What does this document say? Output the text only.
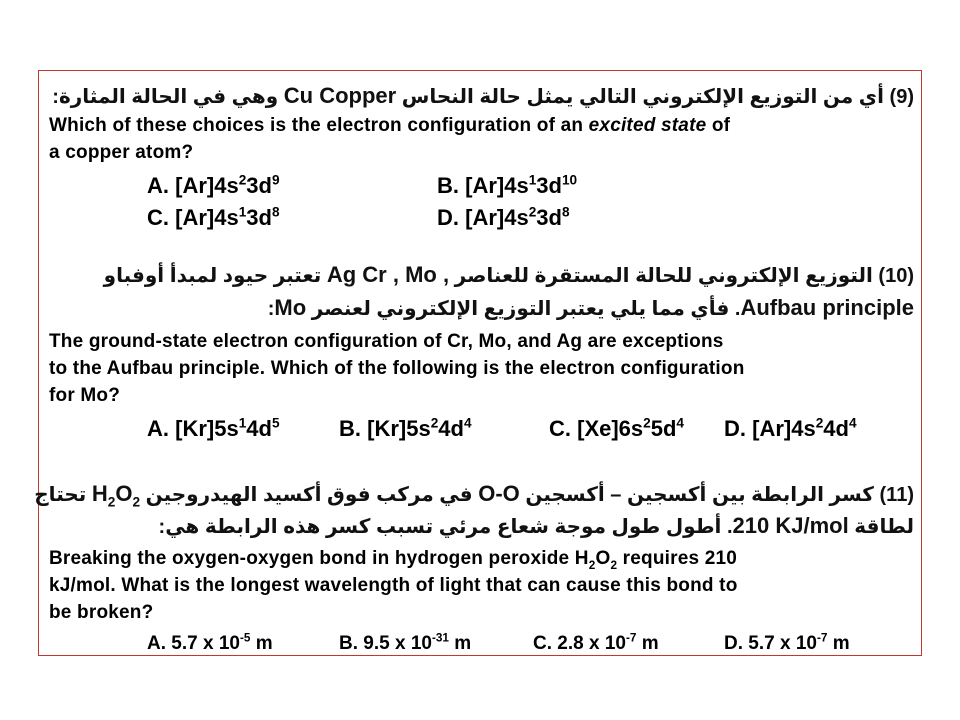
(9) أي من التوزيع الإلكتروني التالي يمثل حالة النحاس Cu Copper وهي في الحالة المثارة:
Which of these choices is the electron configuration of an excited state of
a copper atom?
A. $[Ar]4s^23d^9$	B. $[Ar]4s^13d^{10}$
C. $[Ar]4s^13d^8$	D. $[Ar]4s^23d^8$
(10) التوزيع الإلكتروني للحالة المستقرة للعناصر Ag Cr , Mo , تعتبر حيود لمبدأ أوفباو
Aufbau principle. فأي مما يلي يعتبر التوزيع الإلكتروني لعنصر Mo:
The ground-state electron configuration of Cr, Mo, and Ag are exceptions
to the Aufbau principle. Which of the following is the electron configuration
for Mo?
A. $[Kr]5s^14d^5$	B. $[Kr]5s^24d^4$	C. $[Xe]6s^25d^4$ D. $[Ar]4s^24d^4$
(11) كسر الرابطة بين أكسجين – أكسجين O-O في مركب فوق أكسيد الهيدروجين $H_2O_2$ تحتاج
لطاقة 210 KJ/mol. أطول طول موجة شعاع مرئي تسبب كسر هذه الرابطة هي:
Breaking the oxygen-oxygen bond in hydrogen peroxide $H_2O_2$ requires 210
kJ/mol. What is the longest wavelength of light that can cause this bond to
be broken?
A. 5.7 x $10^{-5}$ m	B. 9.5 x $10^{-31}$ m	C. 2.8 x $10^{-7}$ m	D. 5.7 x $10^{-7}$ m
